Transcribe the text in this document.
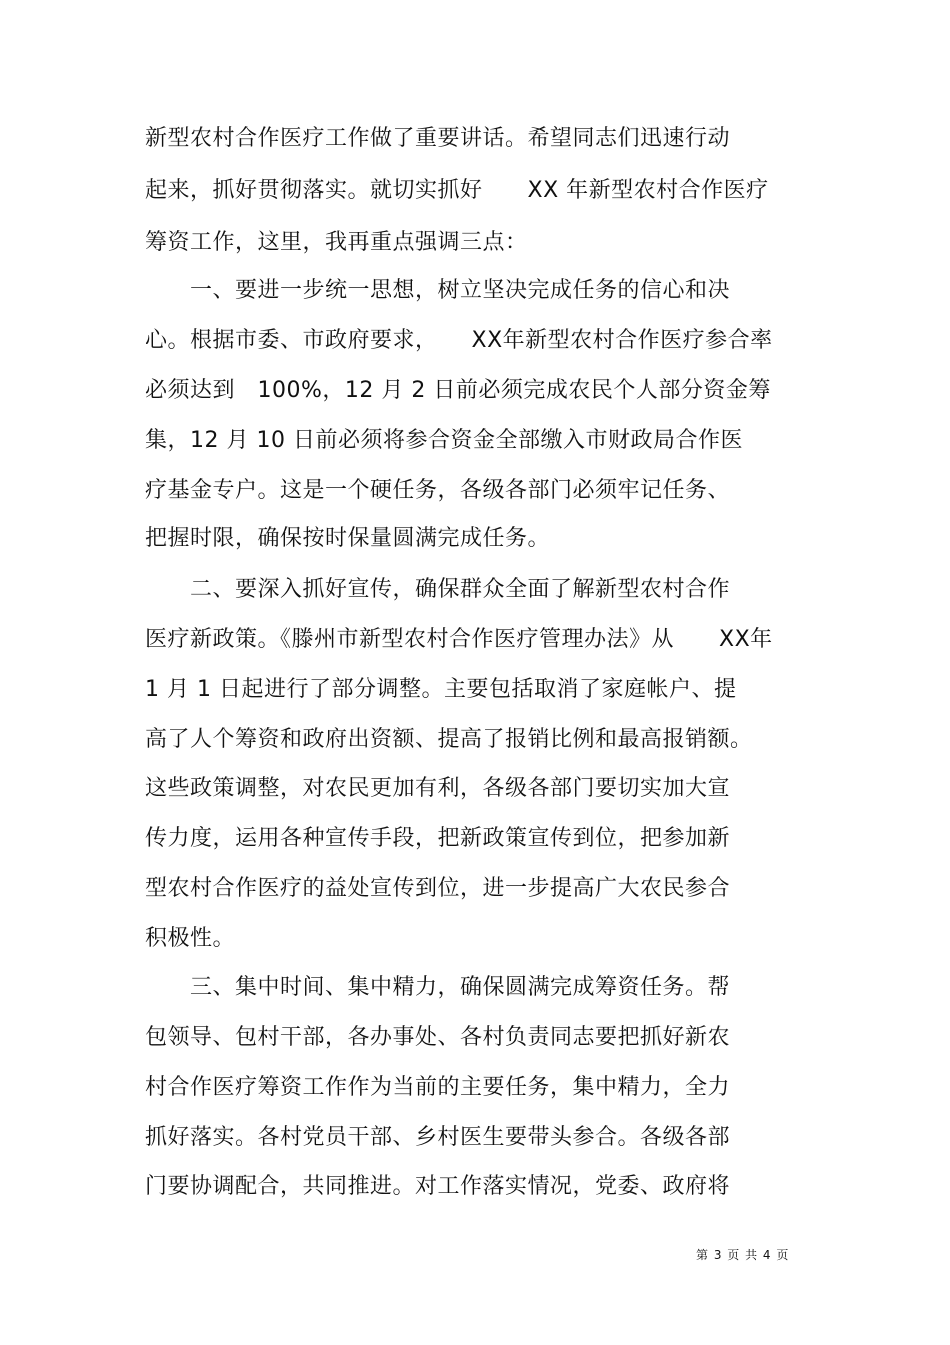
新型农村合作医疗工作做了重要讲话。希望同志们迅速行动
起来，抓好贯彻落实。就切实抓好　　XX 年新型农村合作医疗
筹资工作，这里，我再重点强调三点：
　　一、要进一步统一思想，树立坚决完成任务的信心和决
心。根据市委、市政府要求，　　XX年新型农村合作医疗参合率
必须达到　100%，12 月 2 日前必须完成农民个人部分资金筹
集，12 月 10 日前必须将参合资金全部缴入市财政局合作医
疗基金专户。这是一个硬任务，各级各部门必须牢记任务、
把握时限，确保按时保量圆满完成任务。
　　二、要深入抓好宣传，确保群众全面了解新型农村合作
医疗新政策。《滕州市新型农村合作医疗管理办法》从　　XX年
1 月 1 日起进行了部分调整。主要包括取消了家庭帐户、提
高了人个筹资和政府出资额、提高了报销比例和最高报销额。
这些政策调整，对农民更加有利，各级各部门要切实加大宣
传力度，运用各种宣传手段，把新政策宣传到位，把参加新
型农村合作医疗的益处宣传到位，进一步提高广大农民参合
积极性。
　　三、集中时间、集中精力，确保圆满完成筹资任务。帮
包领导、包村干部，各办事处、各村负责同志要把抓好新农
村合作医疗筹资工作作为当前的主要任务，集中精力，全力
抓好落实。各村党员干部、乡村医生要带头参合。各级各部
门要协调配合，共同推进。对工作落实情况，党委、政府将
第 3 页 共 4 页
